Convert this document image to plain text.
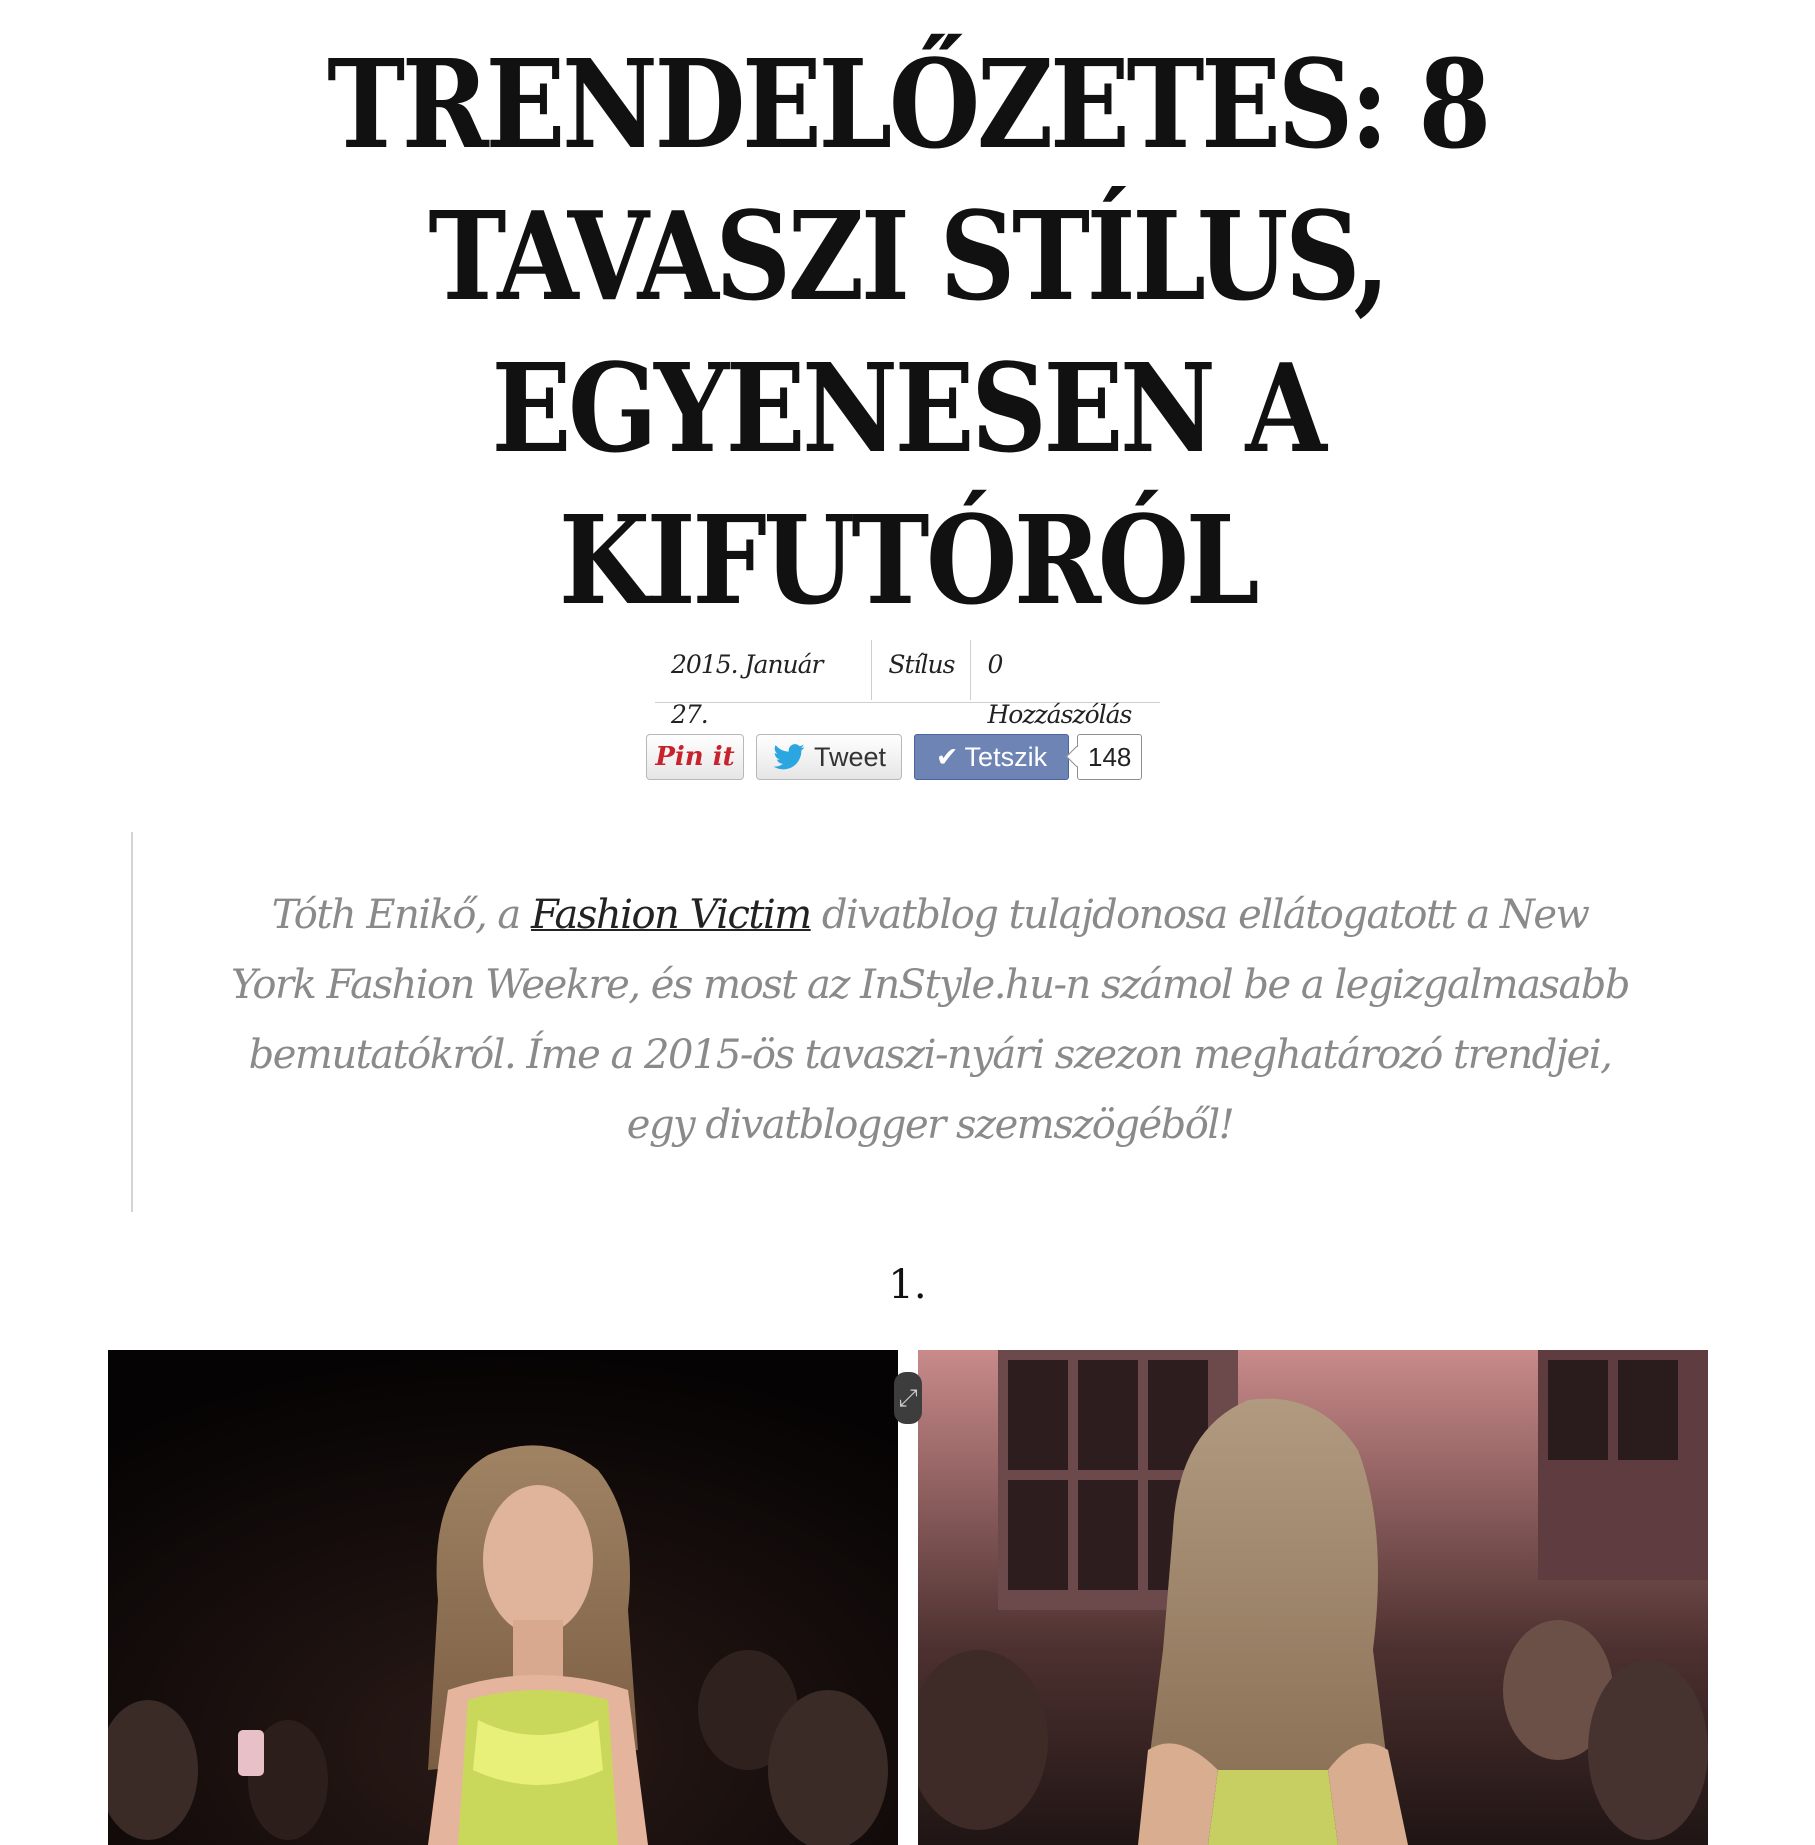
TRENDELŐZETES: 8 TAVASZI STÍLUS, EGYENESEN A KIFUTÓRÓL
2015. Január 27.
Stílus	0 Hozzászólás
Pin it	Tweet ✔ Tetszik	148

Tóth Enikő, a Fashion Victim divatblog tulajdonosa ellátogatott a New York Fashion Weekre, és most az InStyle.hu-n számol be a legizgalmasabb bemutatókról. Íme a 2015-ös tavaszi-nyári szezon meghatározó trendjei, egy divatblogger szemszögéből!

1.
⤢
